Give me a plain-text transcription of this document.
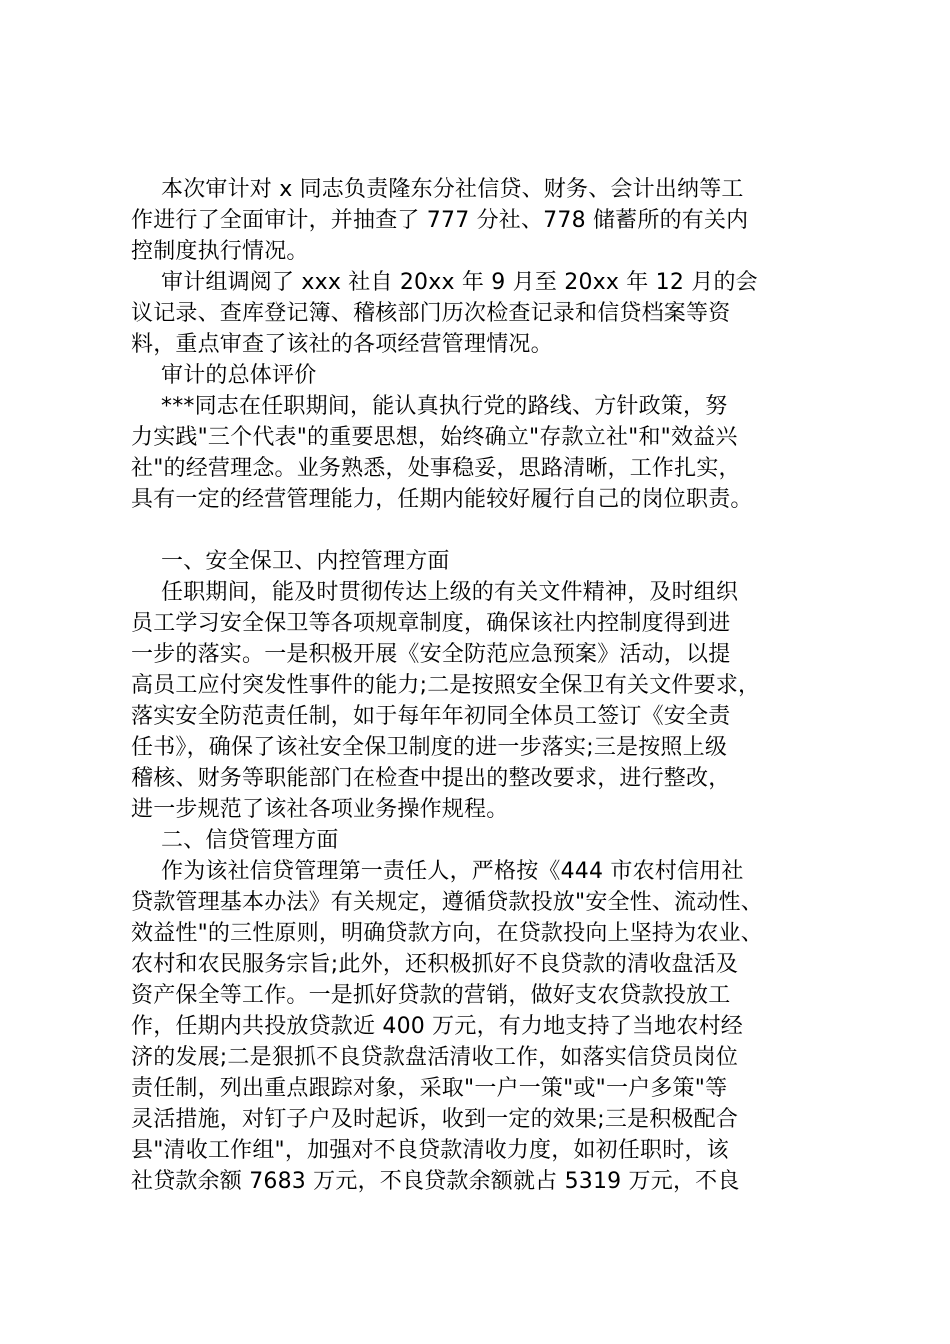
本次审计对 x 同志负责隆东分社信贷、财务、会计出纳等工
作进行了全面审计，并抽查了 777 分社、778 储蓄所的有关内
控制度执行情况。
审计组调阅了 xxx 社自 20xx 年 9 月至 20xx 年 12 月的会
议记录、查库登记簿、稽核部门历次检查记录和信贷档案等资
料，重点审查了该社的各项经营管理情况。
审计的总体评价
***同志在任职期间，能认真执行党的路线、方针政策，努
力实践"三个代表"的重要思想，始终确立"存款立社"和"效益兴
社"的经营理念。业务熟悉，处事稳妥，思路清晰，工作扎实，
具有一定的经营管理能力，任期内能较好履行自己的岗位职责。
一、安全保卫、内控管理方面
任职期间，能及时贯彻传达上级的有关文件精神，及时组织
员工学习安全保卫等各项规章制度，确保该社内控制度得到进
一步的落实。一是积极开展《安全防范应急预案》活动，以提
高员工应付突发性事件的能力;二是按照安全保卫有关文件要求，
落实安全防范责任制，如于每年年初同全体员工签订《安全责
任书》，确保了该社安全保卫制度的进一步落实;三是按照上级
稽核、财务等职能部门在检查中提出的整改要求，进行整改，
进一步规范了该社各项业务操作规程。
二、信贷管理方面
作为该社信贷管理第一责任人，严格按《444 市农村信用社
贷款管理基本办法》有关规定，遵循贷款投放"安全性、流动性、
效益性"的三性原则，明确贷款方向，在贷款投向上坚持为农业、
农村和农民服务宗旨;此外，还积极抓好不良贷款的清收盘活及
资产保全等工作。一是抓好贷款的营销，做好支农贷款投放工
作，任期内共投放贷款近 400 万元，有力地支持了当地农村经
济的发展;二是狠抓不良贷款盘活清收工作，如落实信贷员岗位
责任制，列出重点跟踪对象，采取"一户一策"或"一户多策"等
灵活措施，对钉子户及时起诉，收到一定的效果;三是积极配合
县"清收工作组"，加强对不良贷款清收力度，如初任职时，该
社贷款余额 7683 万元，不良贷款余额就占 5319 万元，不良
